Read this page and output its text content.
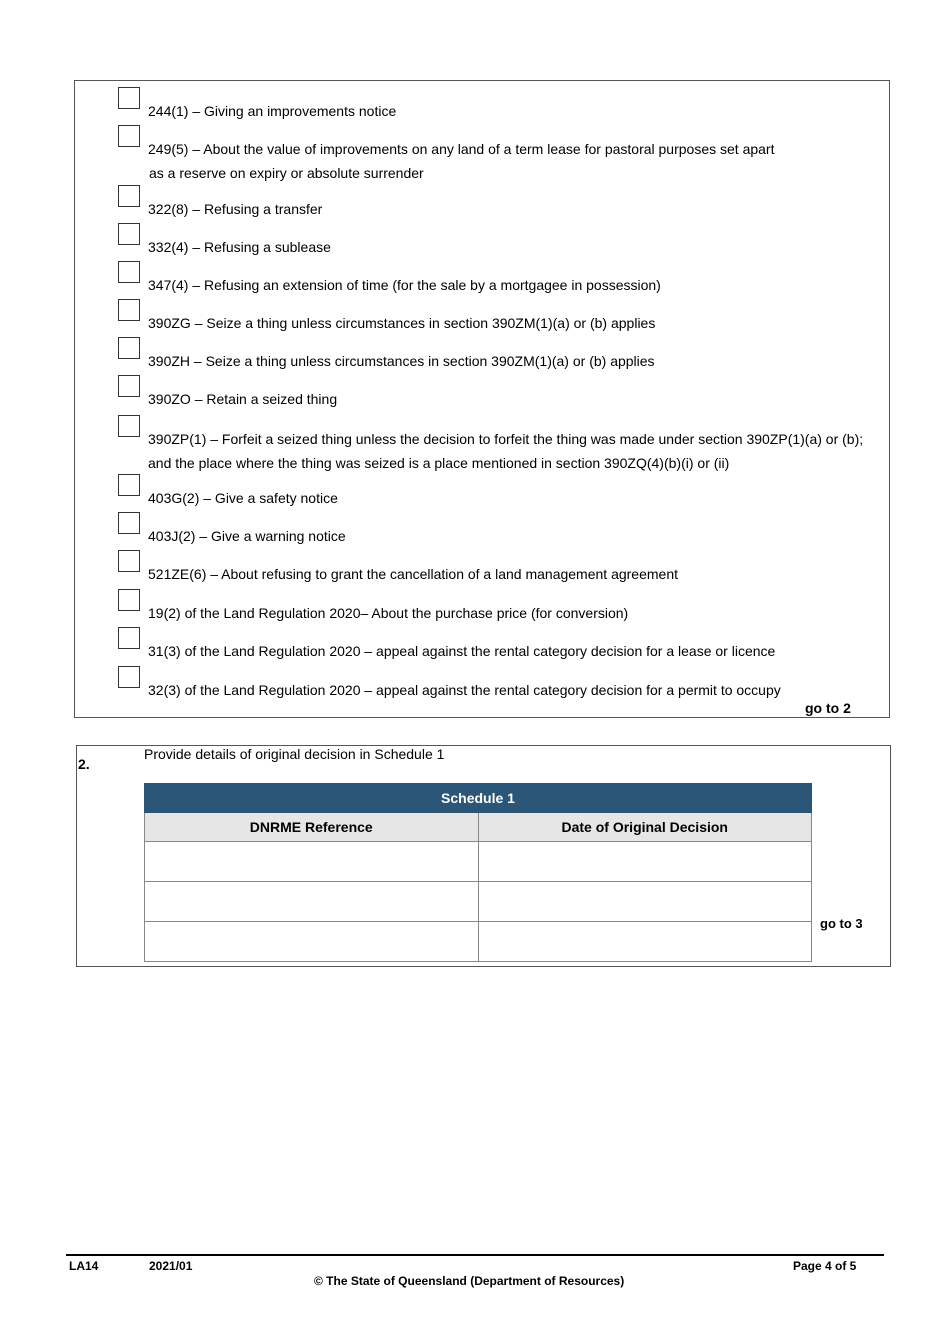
244(1) – Giving an improvements notice
249(5) – About the value of improvements on any land of a term lease for pastoral purposes set apart
as a reserve on expiry or absolute surrender
322(8) – Refusing a transfer
332(4) – Refusing a sublease
347(4) – Refusing an extension of time (for the sale by a mortgagee in possession)
390ZG – Seize a thing unless circumstances in section 390ZM(1)(a) or (b) applies
390ZH – Seize a thing unless circumstances in section 390ZM(1)(a) or (b) applies
390ZO – Retain a seized thing
390ZP(1) – Forfeit a seized thing unless the decision to forfeit the thing was made under section 390ZP(1)(a) or (b);
and the place where the thing was seized is a place mentioned in section 390ZQ(4)(b)(i) or (ii)
403G(2) – Give a safety notice
403J(2) – Give a warning notice
521ZE(6) – About refusing to grant the cancellation of a land management agreement
19(2) of the Land Regulation 2020– About the purchase price (for conversion)
31(3) of the Land Regulation 2020 – appeal against the rental category decision for a lease or licence
32(3) of the Land Regulation 2020 – appeal against the rental category decision for a permit to occupy
go to 2
2.
Provide details of original decision in Schedule 1
Schedule 1	
DNRME Reference	Date of Original Decision

go to 3
LA14	2021/01
© The State of Queensland (Department of Resources)
Page 4 of 5
